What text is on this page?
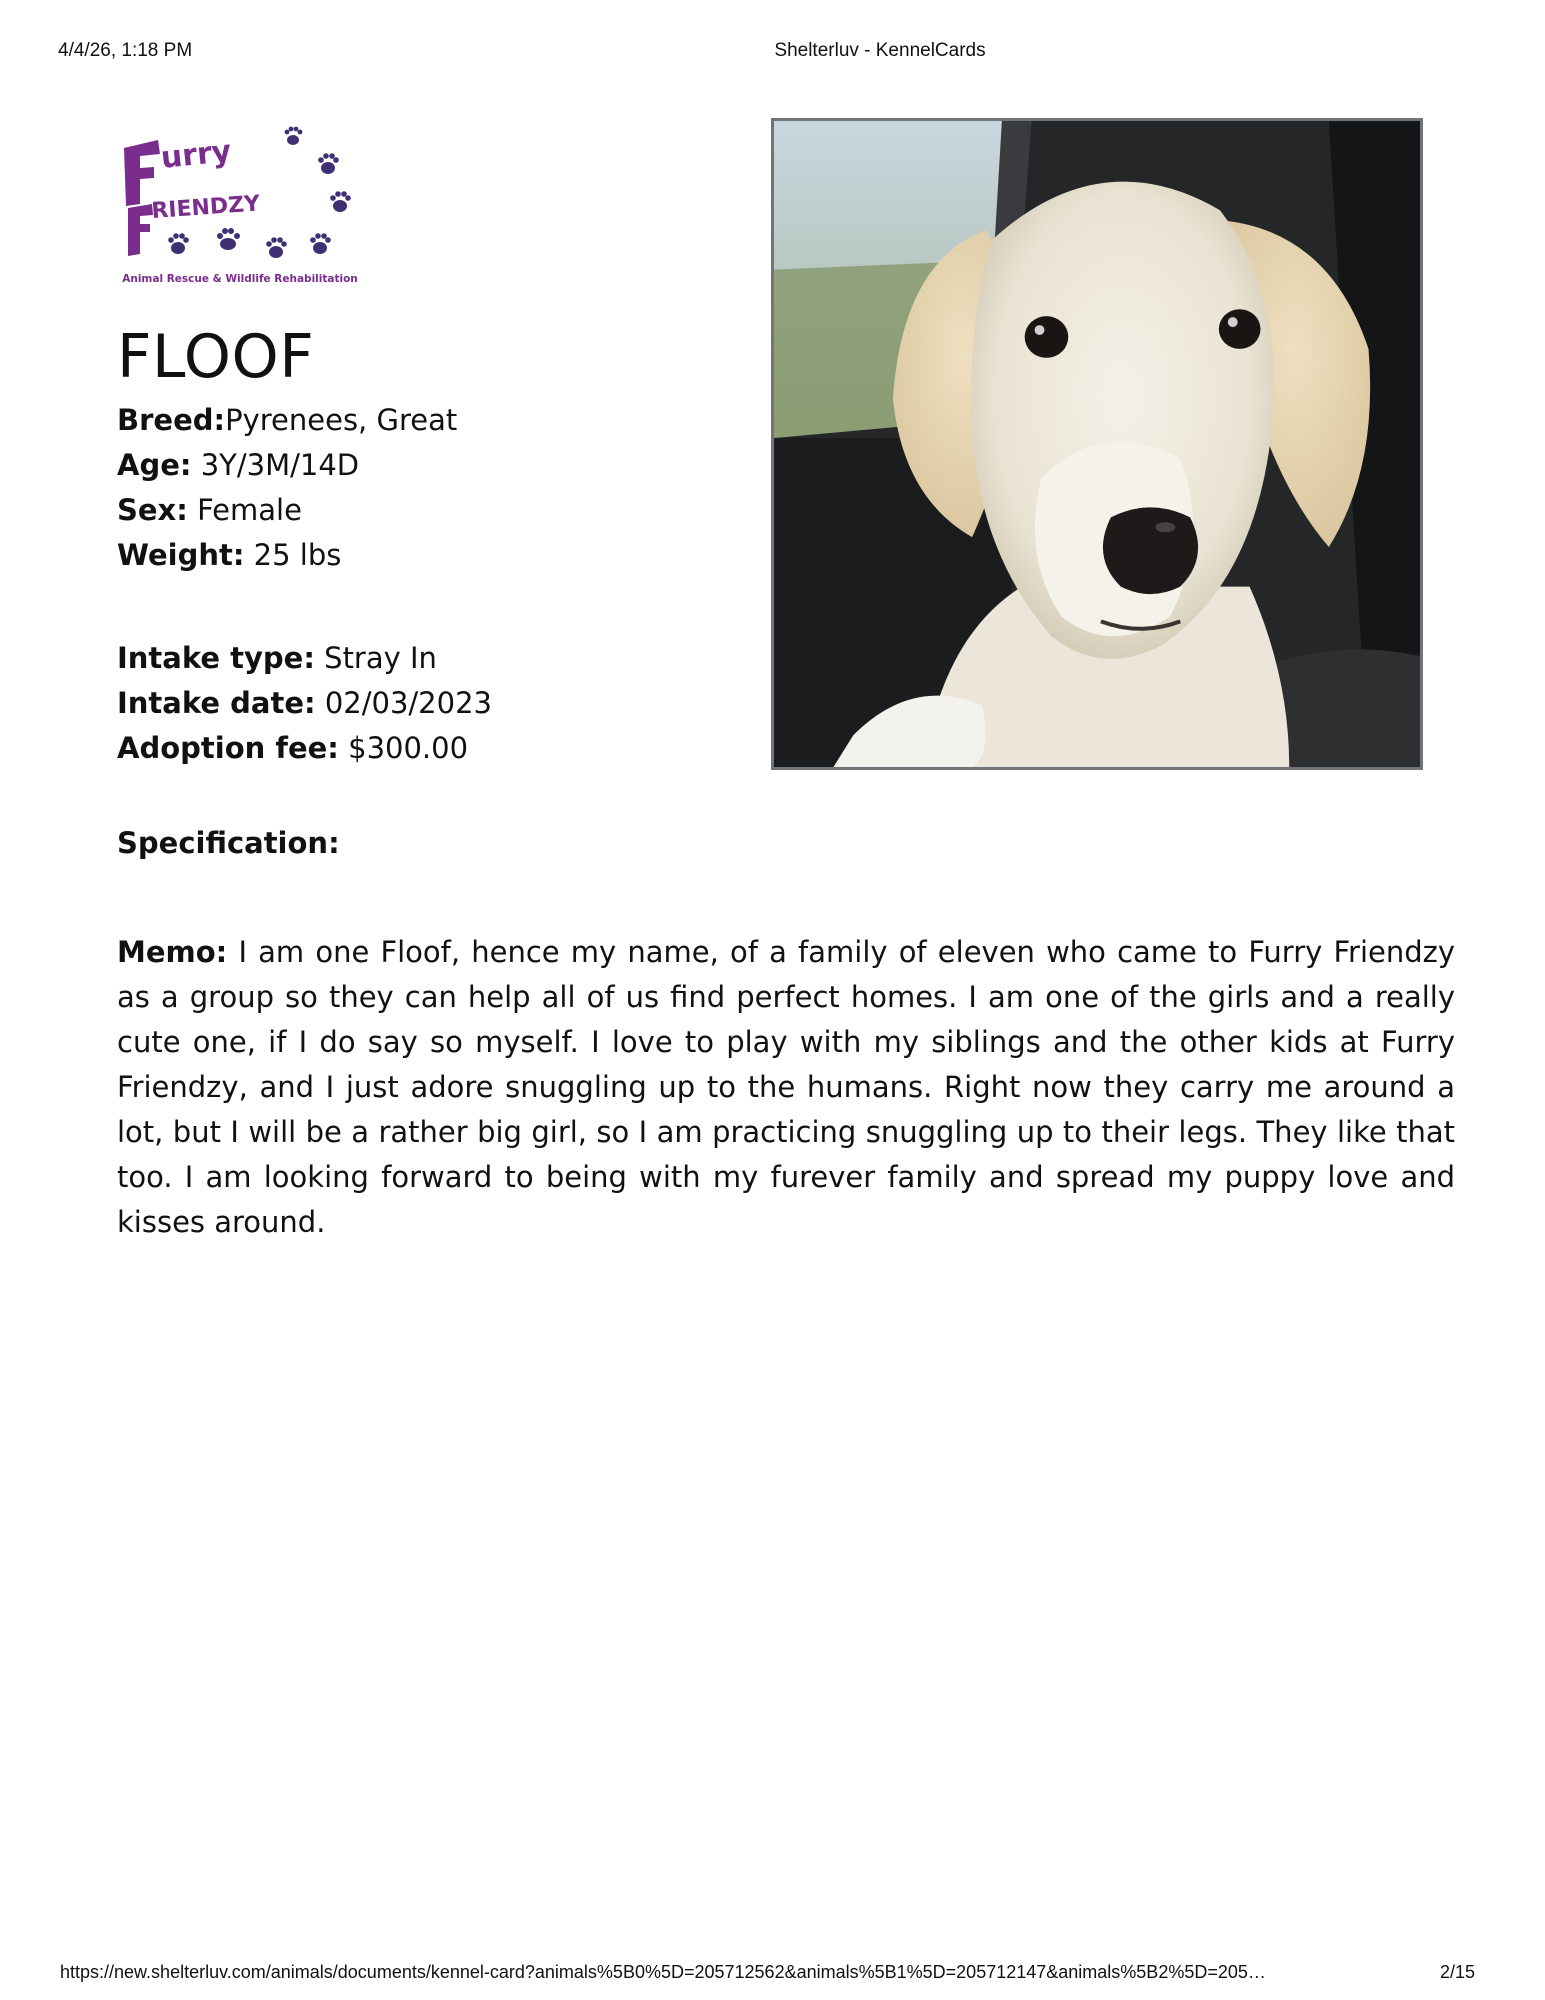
4/4/26, 1:18 PM	Shelterluv - KennelCards
urry
RIENDZY
Animal Rescue & Wildlife Rehabilitation
FLOOF
Breed:Pyrenees, Great
Age: 3Y/3M/14D
Sex: Female
Weight: 25 lbs
Intake type: Stray In
Intake date: 02/03/2023
Adoption fee: $300.00
Specification:
Memo: I am one Floof, hence my name, of a family of eleven who came to Furry Friendzy as a group so they can help all of us find perfect homes. I am one of the girls and a really cute one, if I do say so myself. I love to play with my siblings and the other kids at Furry Friendzy, and I just adore snuggling up to the humans. Right now they carry me around a lot, but I will be a rather big girl, so I am practicing snuggling up to their legs. They like that too. I am looking forward to being with my furever family and spread my puppy love and kisses around.
https://new.shelterluv.com/animals/documents/kennel-card?animals%5B0%5D=205712562&animals%5B1%5D=205712147&animals%5B2%5D=205…	2/15
